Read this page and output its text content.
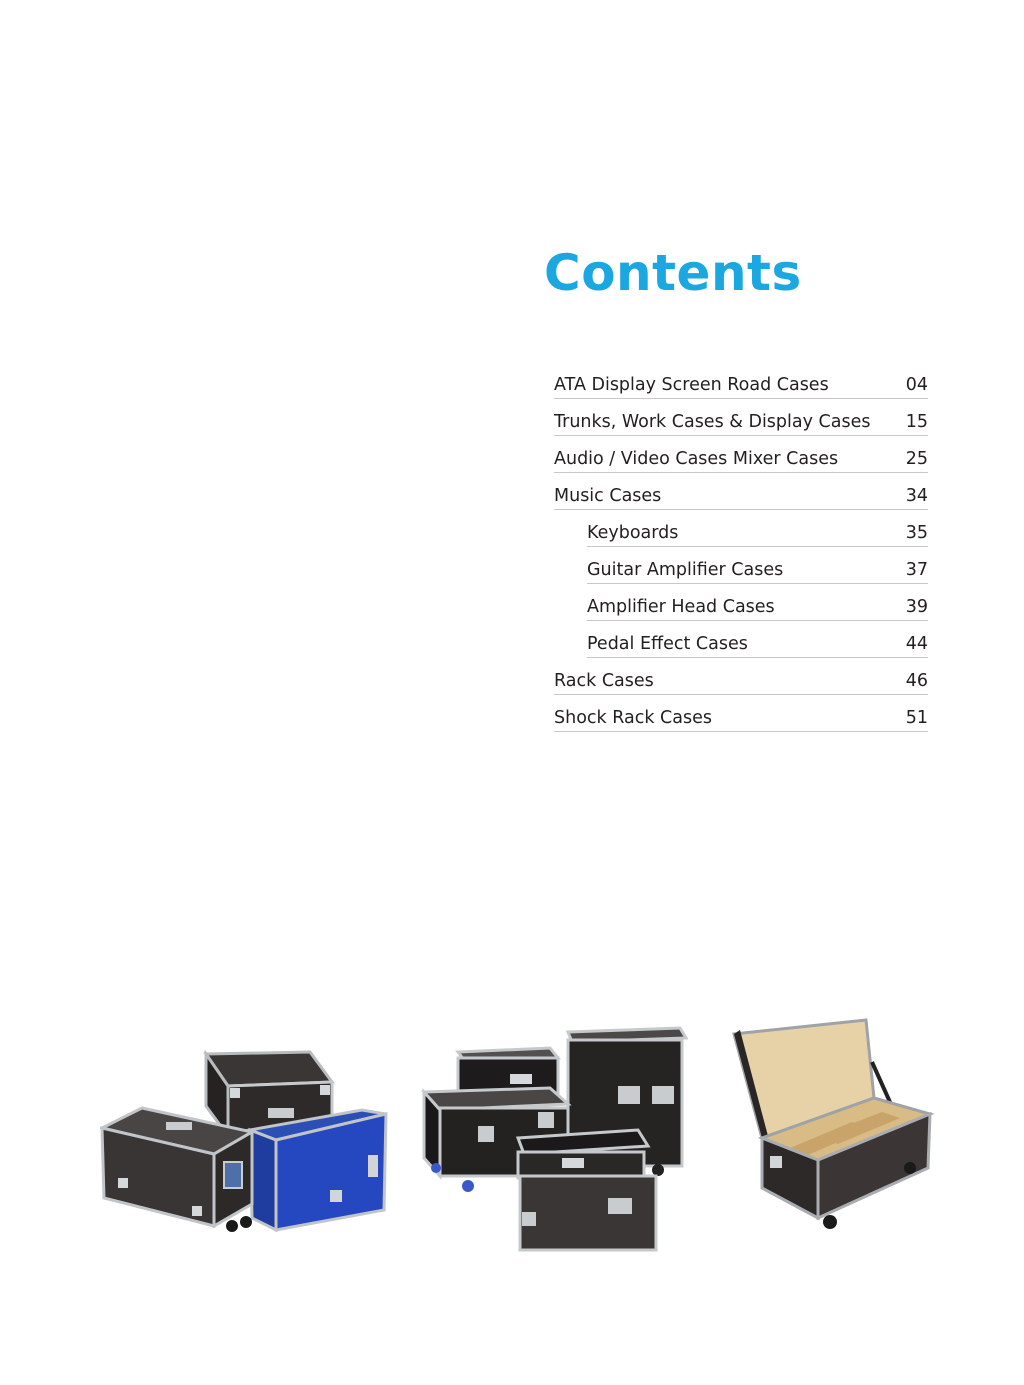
Contents
ATA Display Screen Road Cases	04
Trunks, Work Cases & Display Cases 15
Audio / Video Cases Mixer Cases	25
Music Cases	34
Keyboards	35
Guitar Amplifier Cases	37
Amplifier Head Cases	39
Pedal Effect Cases	44
Rack Cases	46
Shock Rack Cases	51
